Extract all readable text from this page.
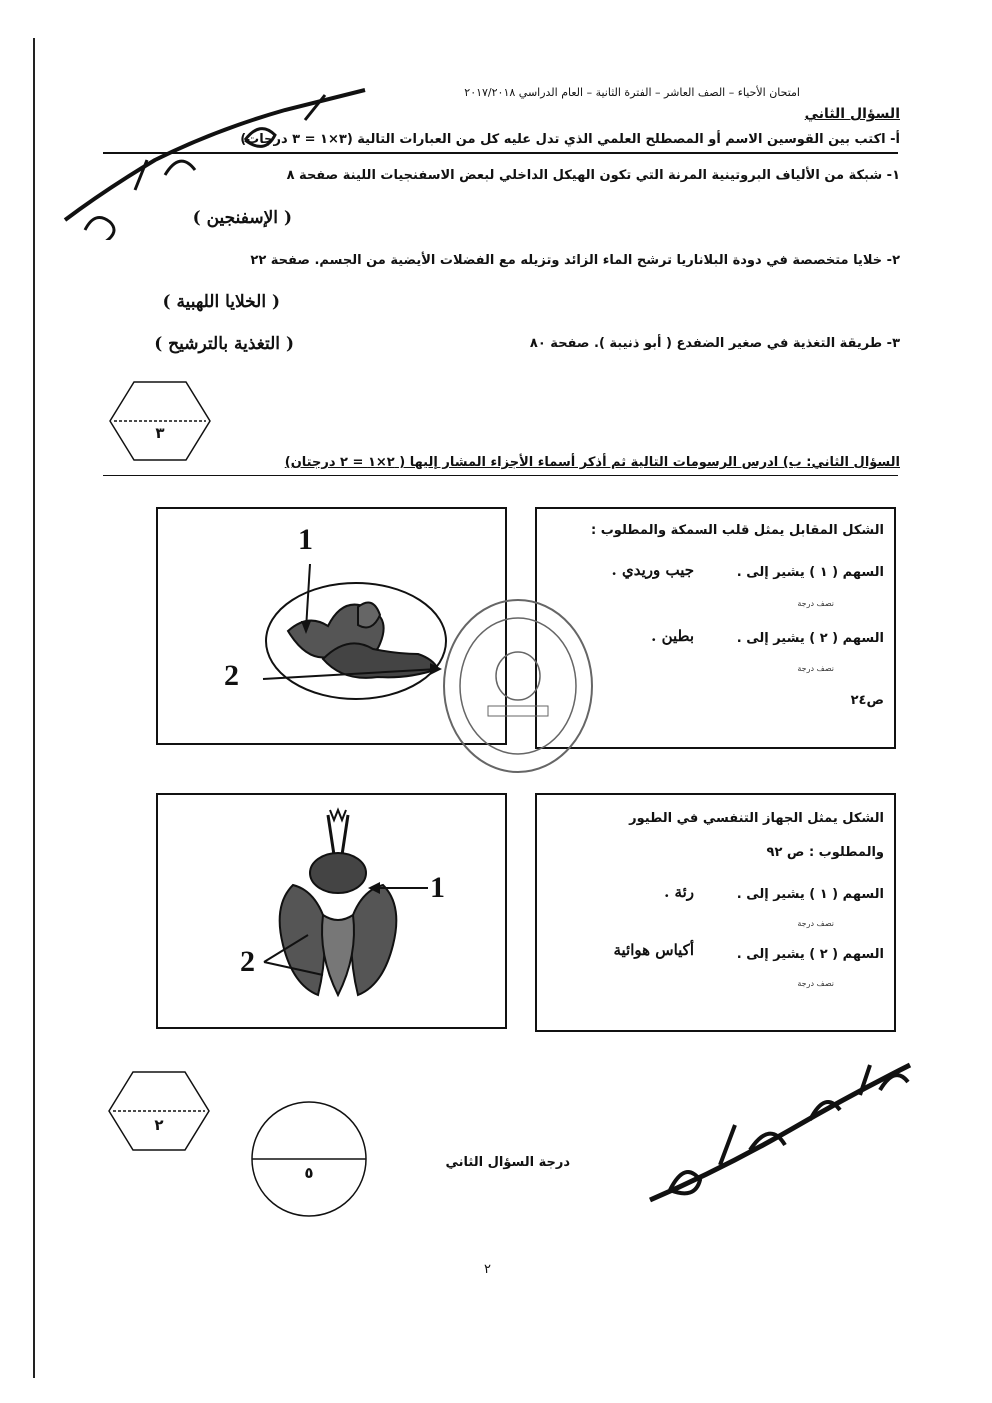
امتحان الأحياء – الصف العاشر – الفترة الثانية – العام الدراسي ٢٠١٧/٢٠١٨
السؤال الثاني
أ- اكتب بين القوسين الاسم أو المصطلح العلمي الذي تدل عليه كل من العبارات التالية (٣×١ = ٣ درجات)
١- شبكة من الألياف البروتينية المرنة التي تكون الهيكل الداخلي لبعض الاسفنجيات اللينة صفحة ٨
( الإسفنجين )
٢- خلايا متخصصة في دودة البلاناريا ترشح الماء الزائد وتزيله مع الفضلات الأيضية من الجسم. صفحة ٢٢
( الخلايا اللهبية )
٣- طريقة التغذية في صغير الضفدع ( أبو ذنيبة ). صفحة ٨٠
( التغذية بالترشيح )
٣
السؤال الثاني: ب) ادرس الرسومات التالية ثم أذكر أسماء الأجزاء المشار إليها ( ٢×١ = ٢ درجتان)
1
2
الشكل المقابل يمثل قلب السمكة والمطلوب :
السهم ( ١ ) يشير إلى .
جيب وريدي .
نصف درجة
السهم ( ٢ ) يشير إلى .
بطين .
نصف درجة
ص٢٤
1
2
الشكل يمثل الجهاز التنفسي في الطيور
والمطلوب : ص ٩٢
السهم ( ١ ) يشير إلى .
رئة .
نصف درجة
السهم ( ٢ ) يشير إلى .
أكياس هوائية
نصف درجة
٢
٥
درجة السؤال الثاني
٢
